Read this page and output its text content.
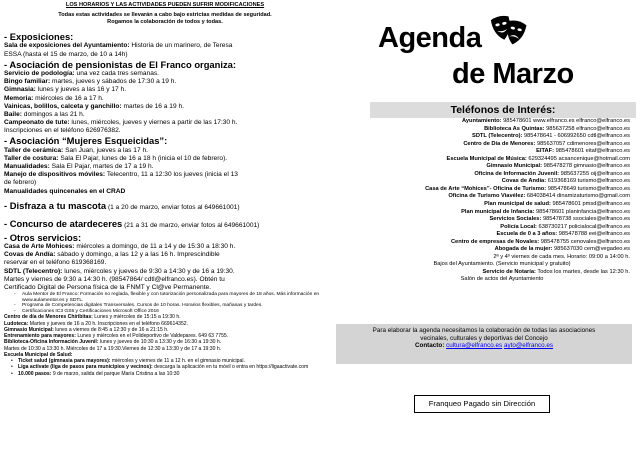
LOS HORARIOS Y LAS ACTIVIDADES PUEDEN SUFRIR MODIFICACIONES
Todas estas actividades se llevarán a cabo bajo estrictas medidas de seguridad.
Rogamos la colaboración de todos y todas.
- Exposiciones:
Sala de exposiciones del Ayuntamiento: Historia de un marinero, de Teresa
ESSA (hasta el 15 de marzo, de 10 a 14h)
- Asociación de pensionistas de El Franco organiza:
Servicio de podología: una vez cada tres semanas.
Bingo familiar: martes, jueves y sábados de 17:30 a 19 h.
Gimnasia: lunes y jueves a las 16 y 17 h.
Memoria: miércoles de 16 a 17 h.
Vainicas, bolillos, calceta y ganchillo: martes de 16 a 19 h.
Baile: domingos a las 21 h.
Campeonato de tute: lunes, miércoles, jueves y viernes a partir de las 17:30 h.
Inscripciones en el teléfono 626976382.
- Asociación “Mujeres Esqueicidas”:
Taller de cerámica: San Juan, jueves a las 17 h.
Taller de costura: Sala El Pajar, lunes de 16 a 18 h (inicia el 10 de febrero).
Manualidades: Sala El Pajar, martes de 17 a 19 h.
Manejo de dispositivos móviles: Telecentro, 11 a 12:30 los jueves (inicia el 13
de febrero)
Manualidades quincenales en el CRAD
- Disfraza a tu mascota (1 a 20 de marzo, enviar fotos al 649661001)
- Concurso de atardeceres (21 a 31 de marzo, enviar fotos al 649661001)
- Otros servicios:
Casa de Arte Mohices: miércoles a domingo, de 11 a 14 y de 15:30 a 18:30 h.
Covas de Andía: sábado y domingo, a las 12 y a las 16 h. Imprescindible
reservar en el teléfono 619368169.
SDTL (Telecentro): lunes, miércoles y jueves de 9:30 a 14:30 y de 16 a 19:30.
Martes y viernes de 9:30 a 14:30 h. (98547864/ cdtl@elfranco.es). Obtén tu
Certificado Digital de Persona física de la FNMT y Cl@ve Permanente.
- Aula Mentor de El Franco: Formación no reglada, flexible y con tutorización personalizada para mayores de 18 años. Más información en www.aulamentor.es y SDTL.
- Programa de Competencias digitales Transversales. Cursos de 10 horas. Horarios flexibles, mañanas y tardes.
- Certificaciones IC3 GS5 y Certificaciones Microsoft Office 2016
Centro de día de Menores Chiribitas: Lunes y miércoles de 15:15 a 19:30 h.
Ludoteca: Martes y jueves de 16 a 20 h. Inscripciones en el teléfono 669614352.
Gimnasio Municipal: lunes a viernes de 8:45 a 12:30 y de 16 a 21:15 h.
Entrenamiento para mayores: Lunes y miércoles en el Polideportivo de Valdepares. 649 63 7755.
Biblioteca-Oficina Información Juvenil: lunes y jueves de 10:30 a 13:30 y de 16:30 a 19:30 h.
Martes de 10:30 a 13:30 h. Miércoles de 17 a 19:30.Viernes de 12:30 a 13:30 y de 17 a 19:30 h.
Escuela Municipal de Salud:
• Ticket salud (gimnasia para mayores): miércoles y viernes de 11 a 12 h. en el gimnasio municipal.
• Liga activate (liga de pasos para municipios y vecinos): descarga la aplicación en tu móvil o entra en https://ligaactivate.com
• 10.000 pasos: 9 de marzo, salida del parque María Cristina a las 10:30
Agenda
de Marzo
Teléfonos de Interés:
Ayuntamiento: 985478601 www.elfranco.es elfranco@elfranco.es
Biblioteca As Quintas: 985637258 elfranco@elfranco.es
SDTL (Telecentro): 985478641 - 606992650 cdtl@elfranco.es
Centro de Día de Menores: 985637057 cdimenores@elfranco.es
EITAF: 985478601 eitaf@elfranco.es
Escuela Municipal de Música: 629324495 acsancenique@hotmail.com
Gimnasio Municipal: 985478278 gimnasio@elfranco.es
Oficina de Información Juvenil: 985637255 oij@elfranco.es
Covas de Andía: 619368169 turismo@elfranco.es
Casa de Arte “Mohices”- Oficina de Turismo: 985478649 turismo@elfranco.es
Oficina de Turismo Viavélez: 684038414 dinamizaturismo@gmail.com
Plan municipal de salud: 985478601 pmsd@elfranco.es
Plan municipal de Infancia: 985478601 planinfancia@elfranco.es
Servicios Sociales: 985478738 ssociales@elfranco.es
Policía Local: 638730217 policialocal@elfranco.es
Escuela de 0 a 3 años: 985478788 eei@elfranco.es
Centro de empresas de Novales: 985478755 cenovales@elfranco.es
Abogada de la mujer: 985637030 cem@vegadeo.es
2ª y 4º viernes de cada mes. Horario: 09:00 a 14:00 h.
Bajos del Ayuntamiento. (Servicio municipal y gratuito)
Servicio de Notaría: Todos los martes, desde las 12:30 h.
Salón de actos del Ayuntamiento
Para elaborar la agenda necesitamos la colaboración de todas las asociaciones
vecinales, culturales y deportivas del Concejo
Contacto: cultura@elfranco.es ayto@elfranco.es
Franqueo Pagado sin Dirección
